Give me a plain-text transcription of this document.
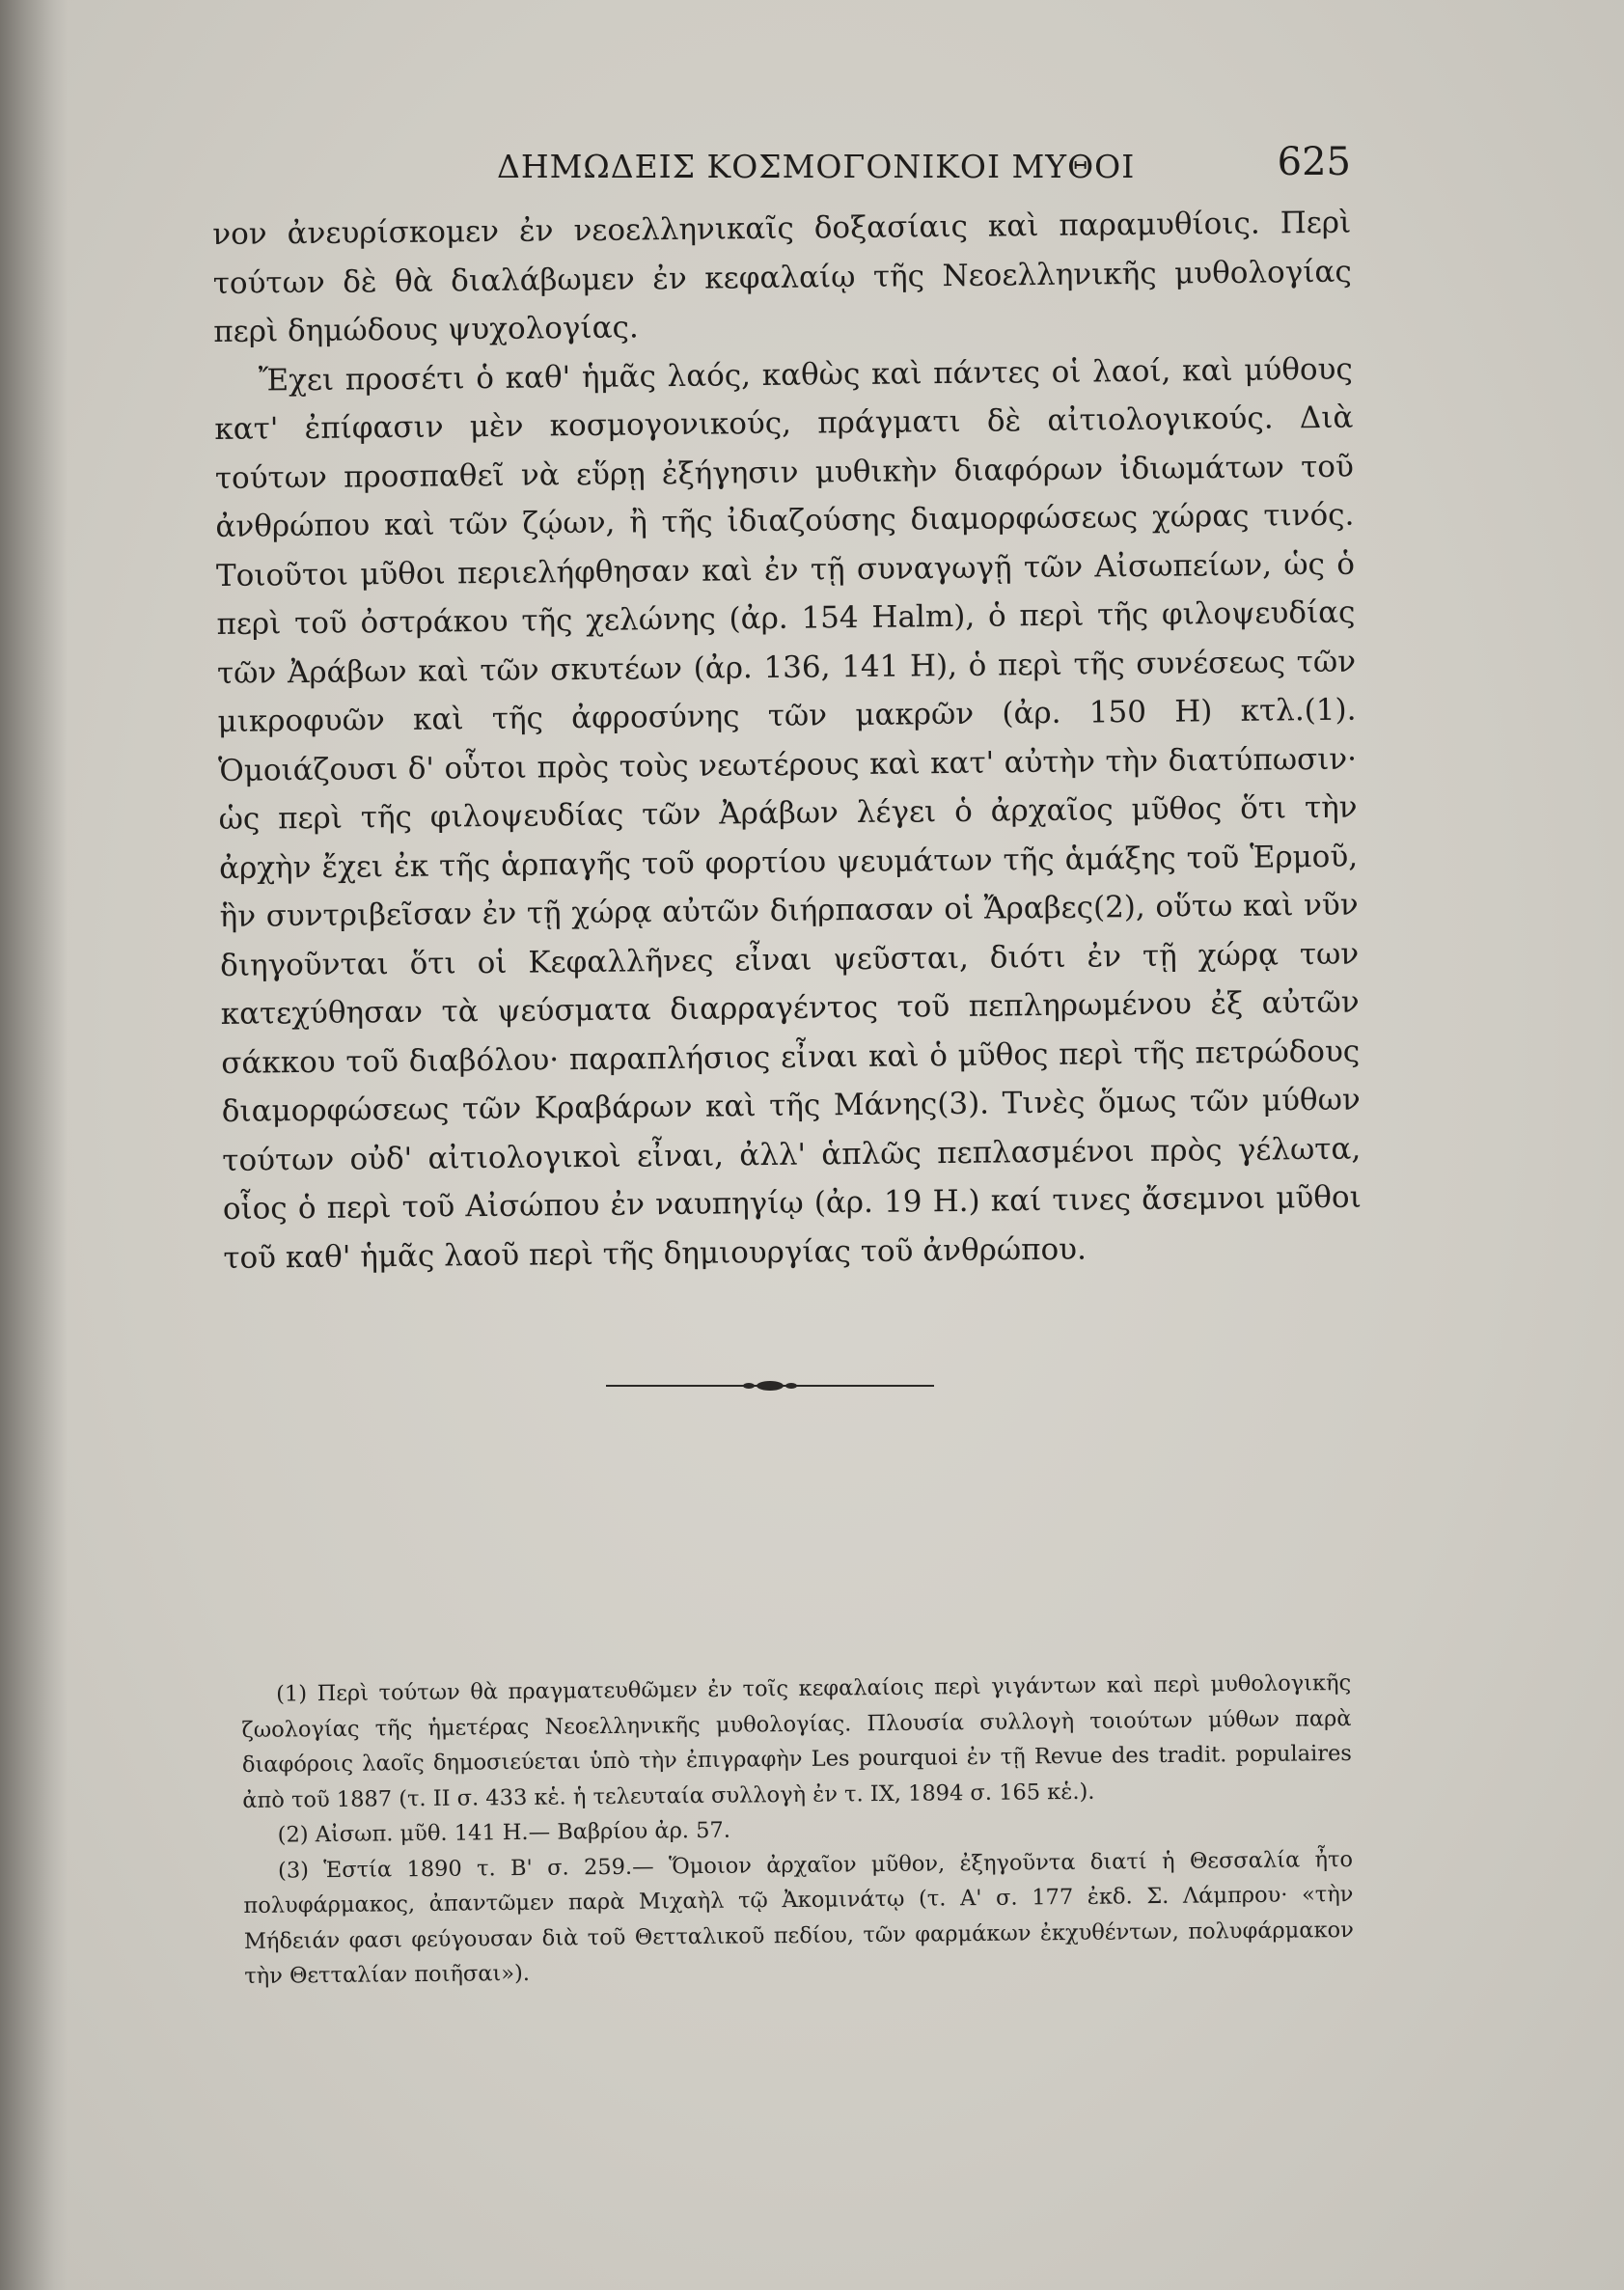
ΔΗΜΩΔΕΙΣ ΚΟΣΜΟΓΟΝΙΚΟΙ ΜΥΘΟΙ	625

νον ἀνευρίσκομεν ἐν νεοελληνικαῖς δοξασίαις καὶ παραμυθίοις. Περὶ τούτων δὲ θὰ διαλάβωμεν ἐν κεφαλαίῳ τῆς Νεοελληνικῆς μυθολογίας περὶ δημώδους ψυχολογίας.

Ἔχει προσέτι ὁ καθ' ἡμᾶς λαός, καθὼς καὶ πάντες οἱ λαοί, καὶ μύθους κατ' ἐπίφασιν μὲν κοσμογονικούς, πράγματι δὲ αἰτιολογικούς. Διὰ τούτων προσπαθεῖ νὰ εὕρῃ ἐξήγησιν μυθικὴν διαφόρων ἰδιωμάτων τοῦ ἀνθρώπου καὶ τῶν ζῴων, ἢ τῆς ἰδιαζούσης διαμορφώσεως χώρας τινός. Τοιοῦτοι μῦθοι περιελήφθησαν καὶ ἐν τῇ συναγωγῇ τῶν Αἰσωπείων, ὡς ὁ περὶ τοῦ ὀστράκου τῆς χελώνης (ἀρ. 154 Halm), ὁ περὶ τῆς φιλοψευδίας τῶν Ἀράβων καὶ τῶν σκυτέων (ἀρ. 136, 141 H), ὁ περὶ τῆς συνέσεως τῶν μικροφυῶν καὶ τῆς ἀφροσύνης τῶν μακρῶν (ἀρ. 150 H) κτλ.(1). Ὁμοιάζουσι δ' οὗτοι πρὸς τοὺς νεωτέρους καὶ κατ' αὐτὴν τὴν διατύπωσιν· ὡς περὶ τῆς φιλοψευδίας τῶν Ἀράβων λέγει ὁ ἀρχαῖος μῦθος ὅτι τὴν ἀρχὴν ἔχει ἐκ τῆς ἁρπαγῆς τοῦ φορτίου ψευμάτων τῆς ἁμάξης τοῦ Ἑρμοῦ, ἣν συντριβεῖσαν ἐν τῇ χώρᾳ αὐτῶν διήρπασαν οἱ Ἄραβες(2), οὕτω καὶ νῦν διηγοῦνται ὅτι οἱ Κεφαλλῆνες εἶναι ψεῦσται, διότι ἐν τῇ χώρᾳ των κατεχύθησαν τὰ ψεύσματα διαρραγέντος τοῦ πεπληρωμένου ἐξ αὐτῶν σάκκου τοῦ διαβόλου· παραπλήσιος εἶναι καὶ ὁ μῦθος περὶ τῆς πετρώδους διαμορφώσεως τῶν Κραβάρων καὶ τῆς Μάνης(3). Τινὲς ὅμως τῶν μύθων τούτων οὐδ' αἰτιολογικοὶ εἶναι, ἀλλ' ἁπλῶς πεπλασμένοι πρὸς γέλωτα, οἷος ὁ περὶ τοῦ Αἰσώπου ἐν ναυπηγίῳ (ἀρ. 19 H.) καί τινες ἄσεμνοι μῦθοι τοῦ καθ' ἡμᾶς λαοῦ περὶ τῆς δημιουργίας τοῦ ἀνθρώπου.

(1) Περὶ τούτων θὰ πραγματευθῶμεν ἐν τοῖς κεφαλαίοις περὶ γιγάντων καὶ περὶ μυθολογικῆς ζωολογίας τῆς ἡμετέρας Νεοελληνικῆς μυθολογίας. Πλουσία συλλογὴ τοιούτων μύθων παρὰ διαφόροις λαοῖς δημοσιεύεται ὑπὸ τὴν ἐπιγραφὴν Les pourquoi ἐν τῇ Revue des tradit. populaires ἀπὸ τοῦ 1887 (τ. II σ. 433 κἑ. ἡ τελευταία συλλογὴ ἐν τ. IX, 1894 σ. 165 κἑ.).

(2) Αἰσωπ. μῦθ. 141 H.— Βαβρίου ἀρ. 57.

(3) Ἑστία 1890 τ. Β' σ. 259.— Ὅμοιον ἀρχαῖον μῦθον, ἐξηγοῦντα διατί ἡ Θεσσαλία ἦτο πολυφάρμακος, ἀπαντῶμεν παρὰ Μιχαὴλ τῷ Ἀκομινάτῳ (τ. Α' σ. 177 ἐκδ. Σ. Λάμπρου· «τὴν Μήδειάν φασι φεύγουσαν διὰ τοῦ Θετταλικοῦ πεδίου, τῶν φαρμάκων ἐκχυθέντων, πολυφάρμακον τὴν Θετταλίαν ποιῆσαι»).
